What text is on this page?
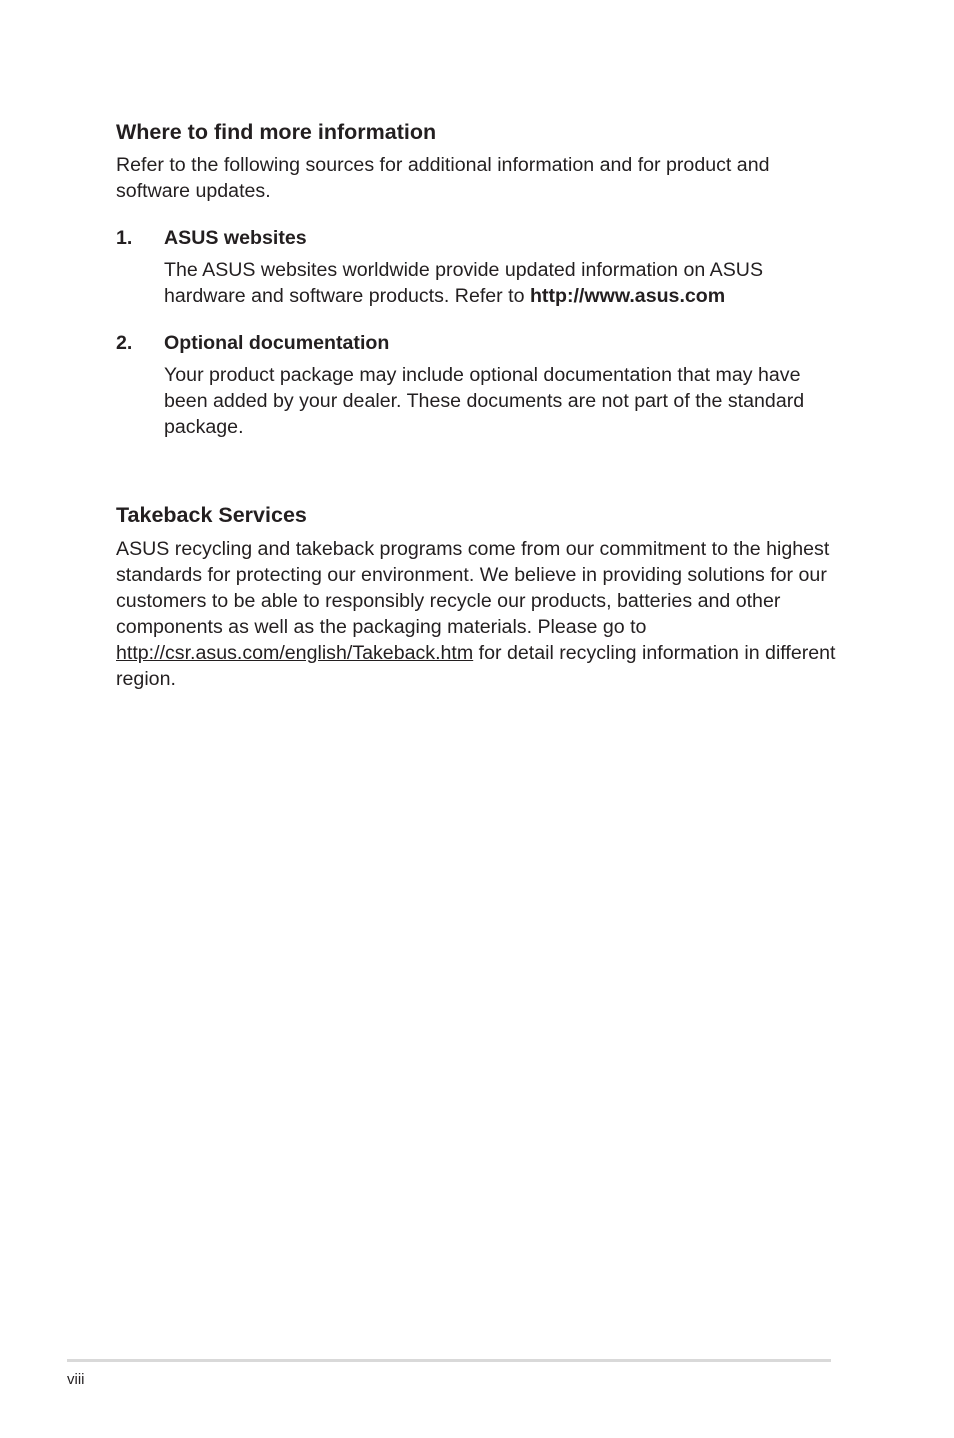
Where to find more information

Refer to the following sources for additional information and for product and software updates.

1. ASUS websites

The ASUS websites worldwide provide updated information on ASUS hardware and software products. Refer to http://www.asus.com

2. Optional documentation

Your product package may include optional documentation that may have been added by your dealer. These documents are not part of the standard package.

Takeback Services

ASUS recycling and takeback programs come from our commitment to the highest standards for protecting our environment. We believe in providing solutions for our customers to be able to responsibly recycle our products, batteries and other components as well as the packaging materials. Please go to http://csr.asus.com/english/Takeback.htm for detail recycling information in different region.

viii
